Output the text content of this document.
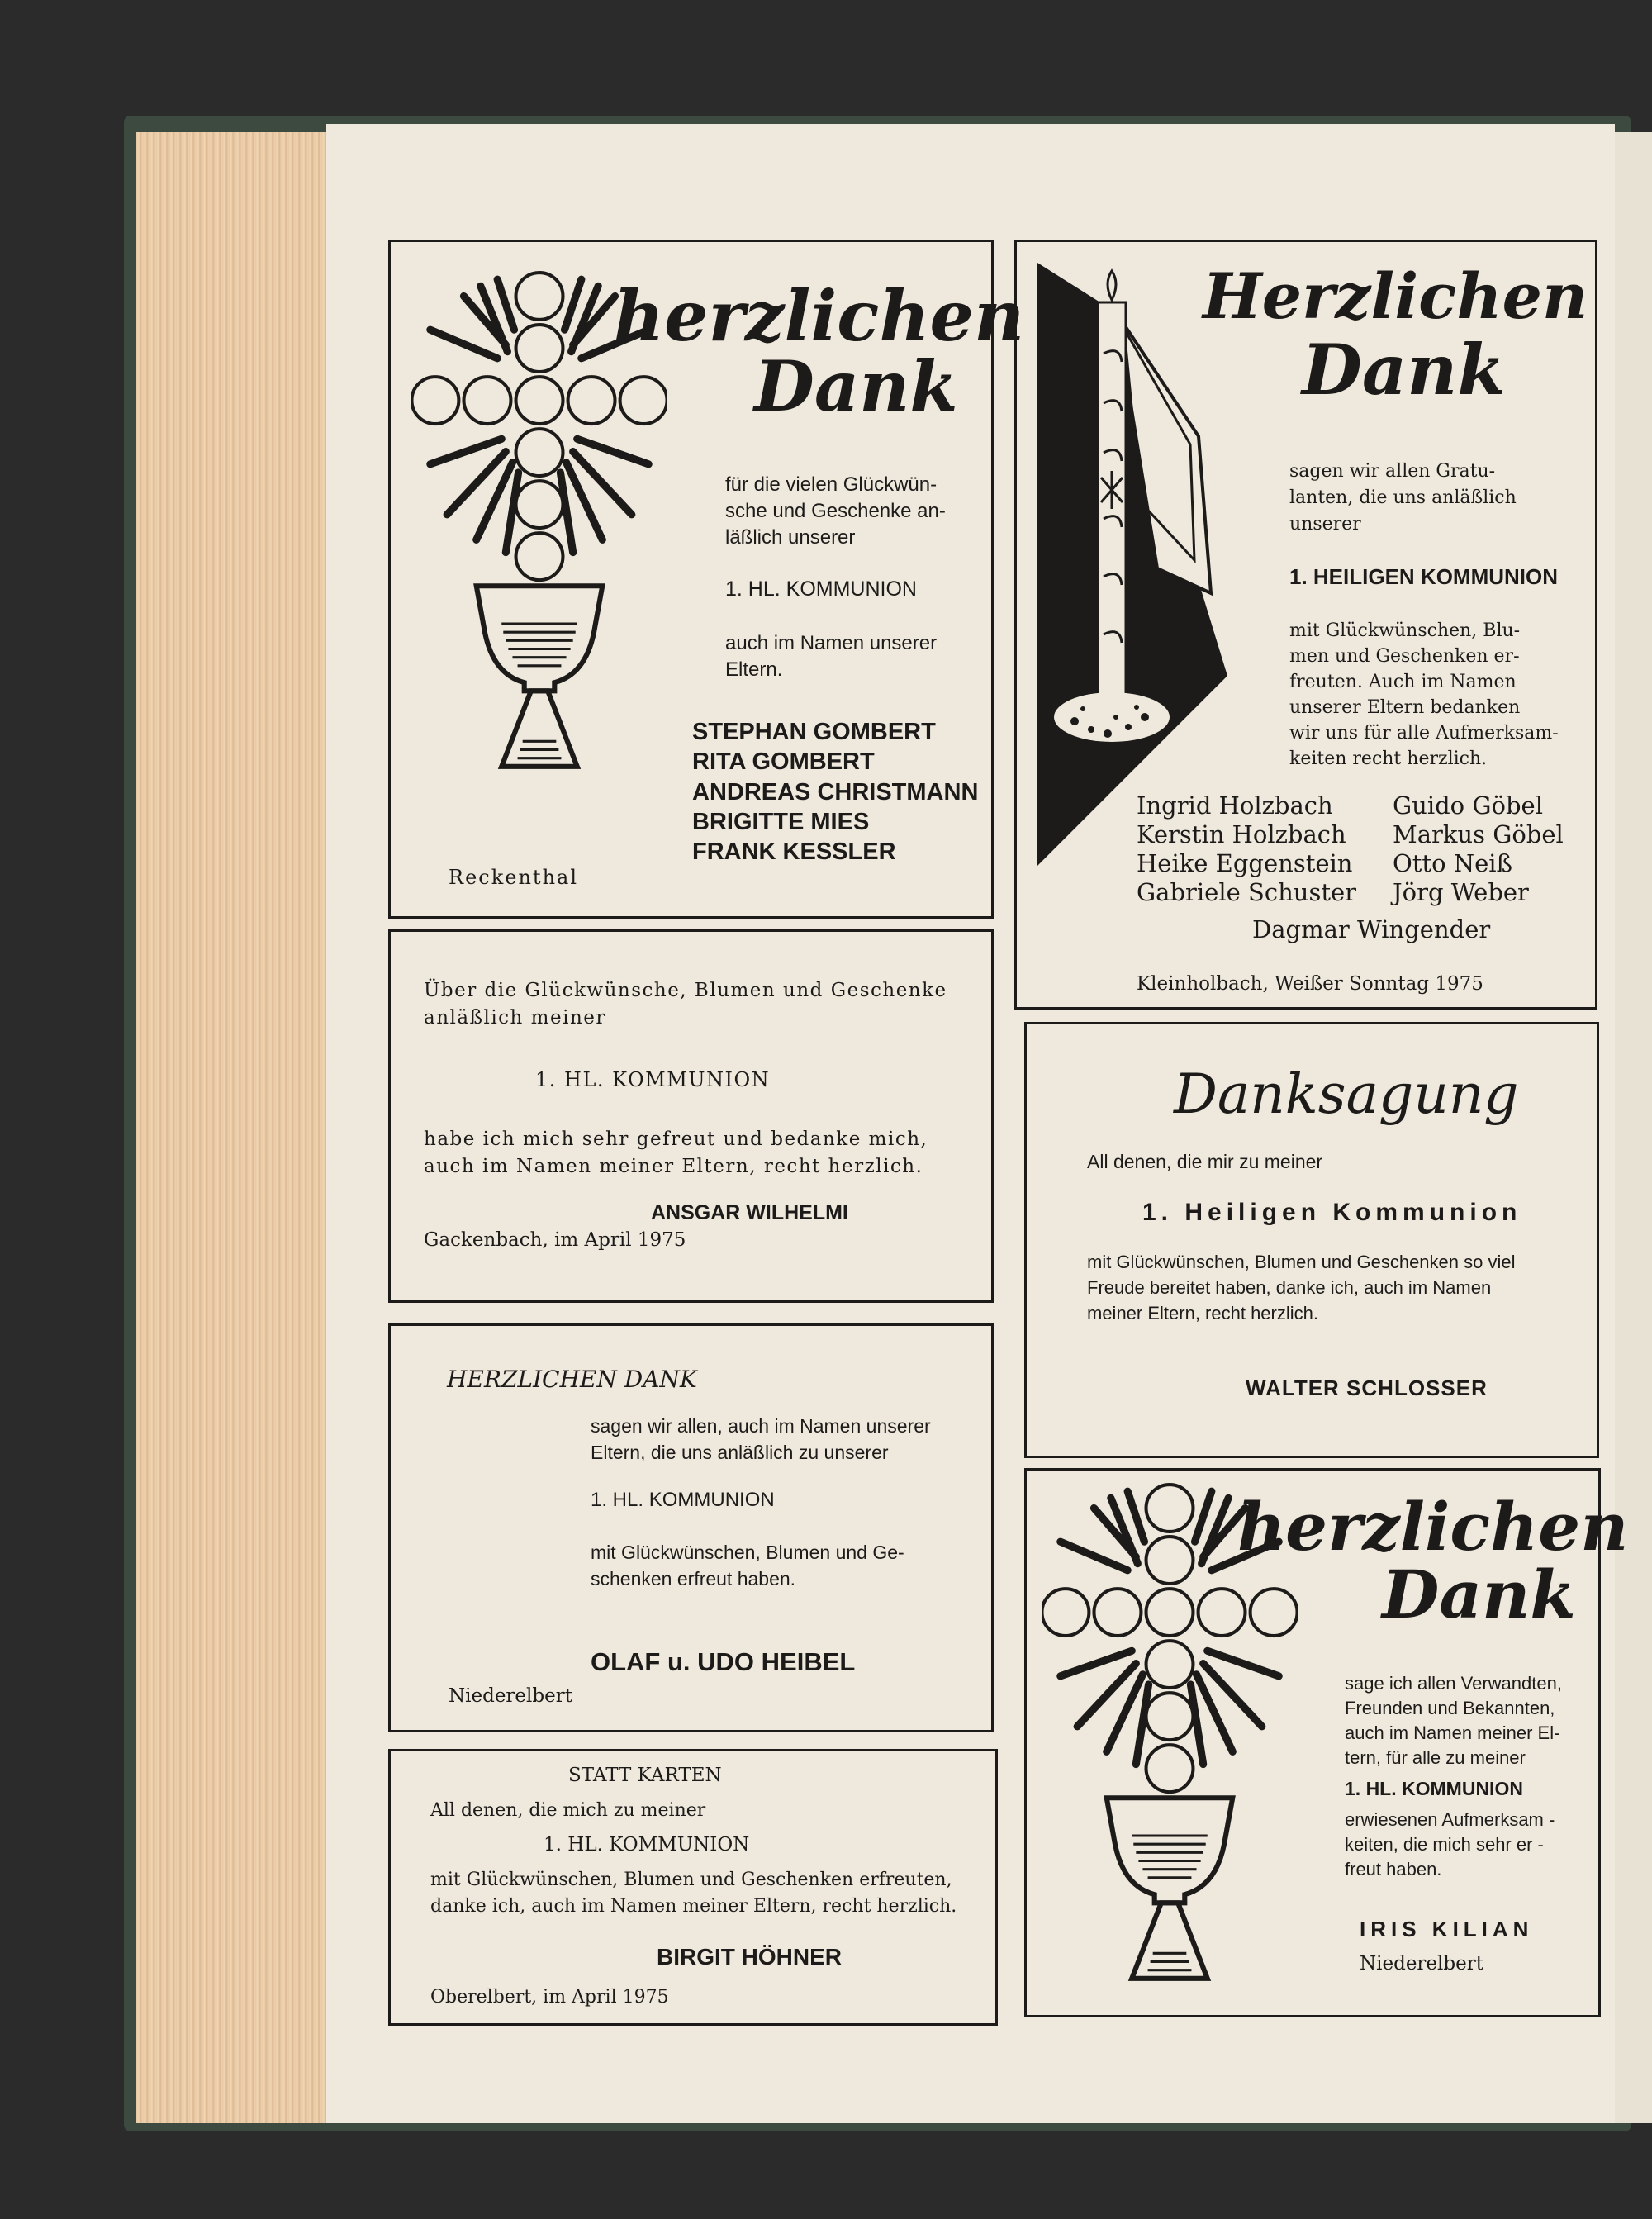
herzlichen
Dank
für die vielen Glückwün-
sche und Geschenke an-
läßlich unserer
1. HL. KOMMUNION
auch im Namen unserer
Eltern.
STEPHAN GOMBERT
RITA GOMBERT
ANDREAS CHRISTMANN
BRIGITTE MIES
FRANK KESSLER
Reckenthal
Herzlichen
Dank
sagen wir allen Gratu-
lanten, die uns anläßlich
unserer
1. HEILIGEN KOMMUNION
mit Glückwünschen, Blu-
men und Geschenken er-
freuten. Auch im Namen
unserer Eltern bedanken
wir uns für alle Aufmerksam-
keiten recht herzlich.
Ingrid Holzbach
Kerstin Holzbach
Heike Eggenstein
Gabriele Schuster
Guido Göbel
Markus Göbel
Otto Neiß
Jörg Weber
Dagmar Wingender
Kleinholbach, Weißer Sonntag 1975
Über die Glückwünsche, Blumen und Geschenke
anläßlich meiner
1. HL. KOMMUNION
habe ich mich sehr gefreut und bedanke mich,
auch im Namen meiner Eltern, recht herzlich.
ANSGAR WILHELMI
Gackenbach, im April 1975
Danksagung
All denen, die mir zu meiner
1. Heiligen Kommunion
mit Glückwünschen, Blumen und Geschenken so viel
Freude bereitet haben, danke ich, auch im Namen
meiner Eltern, recht herzlich.
WALTER SCHLOSSER
HERZLICHEN DANK
sagen wir allen, auch im Namen unserer
Eltern, die uns anläßlich zu unserer
1. HL. KOMMUNION
mit Glückwünschen, Blumen und Ge-
schenken erfreut haben.
OLAF u. UDO HEIBEL
Niederelbert
herzlichen
Dank
sage ich allen Verwandten,
Freunden und Bekannten,
auch im Namen meiner El-
tern, für alle zu meiner
1. HL. KOMMUNION
erwiesenen Aufmerksam -
keiten, die mich sehr er -
freut haben.
IRIS KILIAN
Niederelbert
STATT KARTEN
All denen, die mich zu meiner
1. HL. KOMMUNION
mit Glückwünschen, Blumen und Geschenken erfreuten,
danke ich, auch im Namen meiner Eltern, recht herzlich.
BIRGIT HÖHNER
Oberelbert, im April 1975
